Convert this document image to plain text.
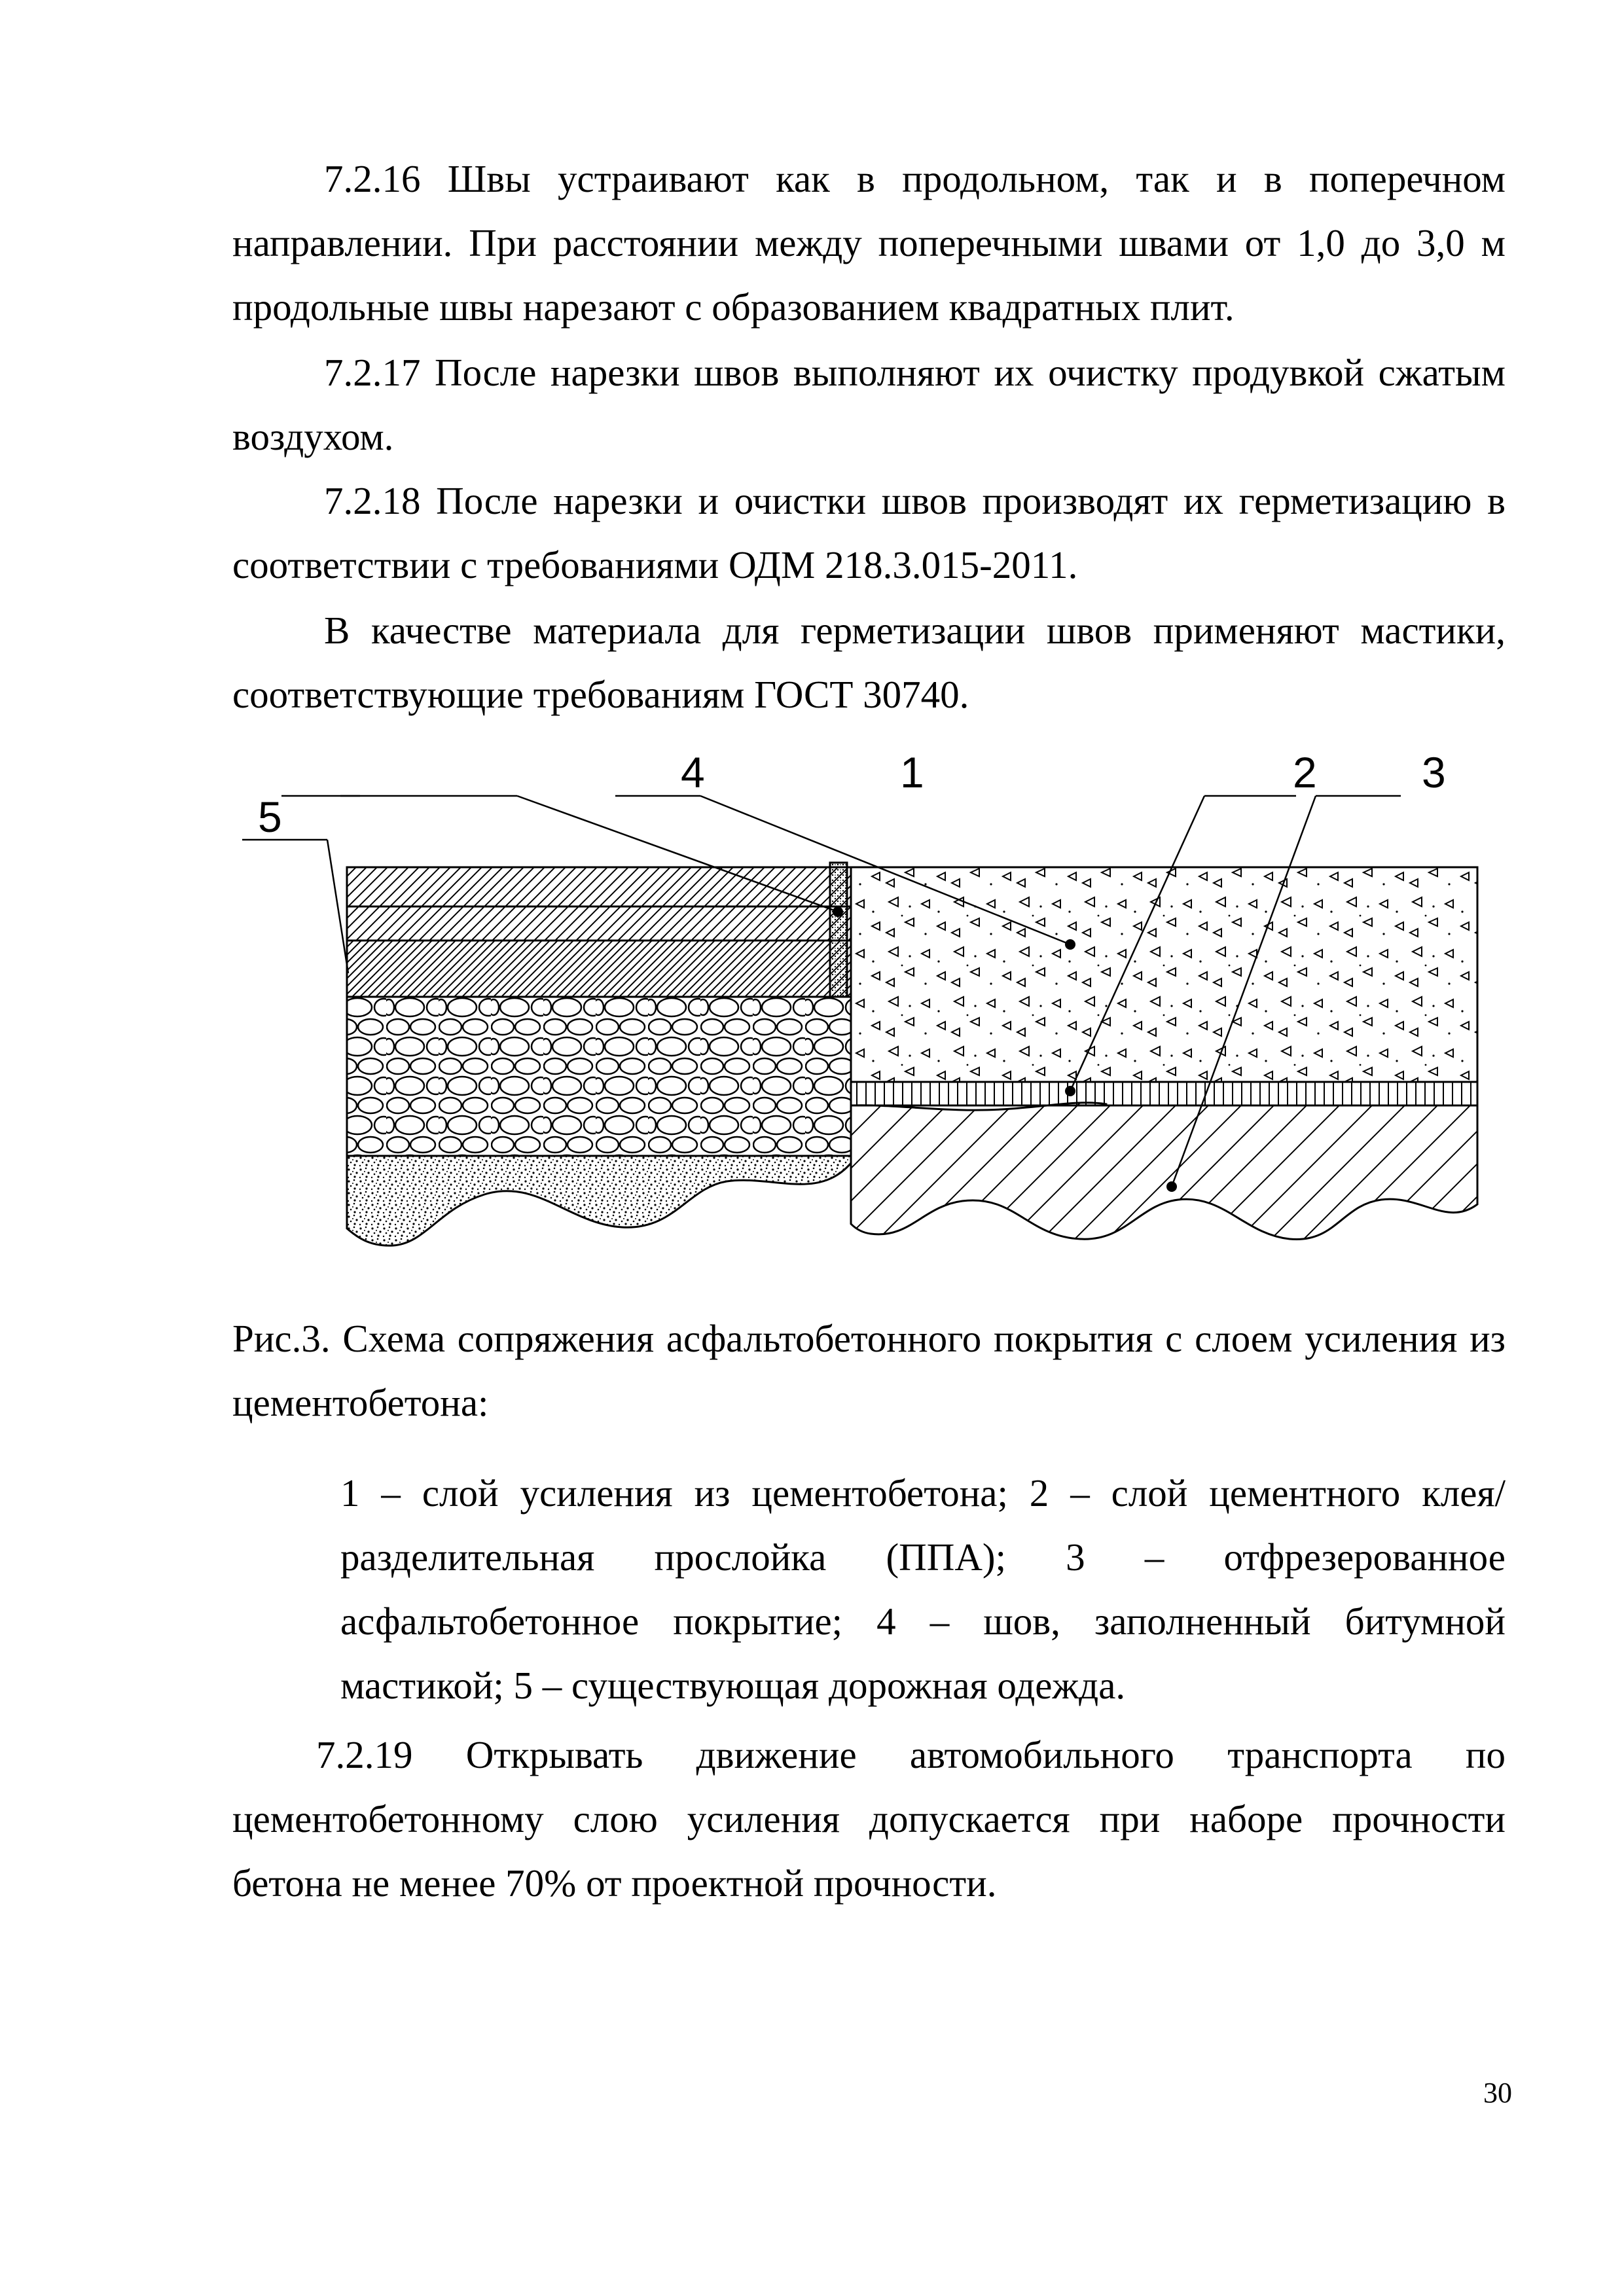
7.2.16 Швы устраивают как в продольном, так и в поперечном направлении. При расстоянии между поперечными швами от 1,0 до 3,0 м продольные швы нарезают с образованием квадратных плит.
7.2.17 После нарезки швов выполняют их очистку продувкой сжатым воздухом.
7.2.18 После нарезки и очистки швов производят их герметизацию в соответствии с требованиями ОДМ 218.3.015-2011.
В качестве материала для герметизации швов применяют мастики, соответствующие требованиям ГОСТ 30740.
4	1	2 3
5
Рис.3. Схема сопряжения асфальтобетонного покрытия с слоем усиления из цементобетона:
1 – слой усиления из цементобетона; 2 – слой цементного клея/ разделительная прослойка (ППА); 3 – отфрезерованное асфальтобетонное покрытие; 4 – шов, заполненный битумной мастикой; 5 – существующая дорожная одежда.
7.2.19 Открывать движение автомобильного транспорта по цементобетонному слою усиления допускается при наборе прочности бетона не менее 70% от проектной прочности.
30
